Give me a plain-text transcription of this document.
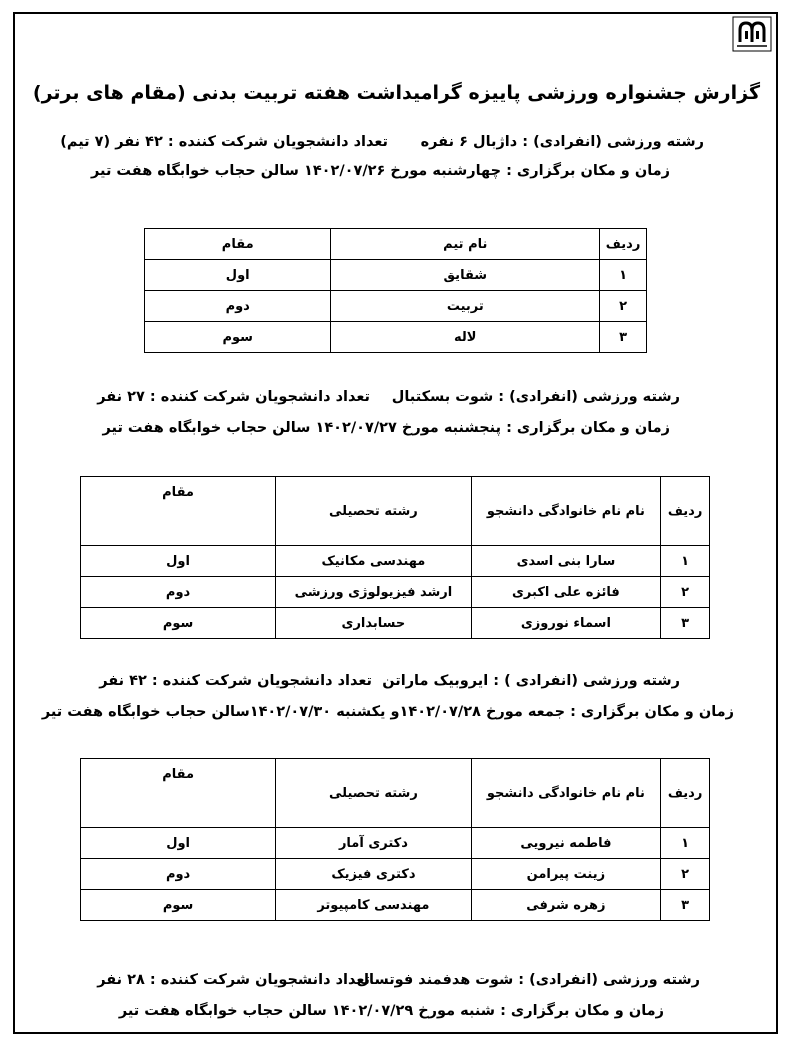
گزارش جشنواره ورزشی پاییزه گرامیداشت هفته تربیت بدنی (مقام های برتر)
رشته ورزشی (انفرادی) : داژبال ۶ نفره
تعداد دانشجویان شرکت کننده : ۴۲ نفر (۷ تیم)
زمان و مکان برگزاری : چهارشنبه مورخ ۱۴۰۲/۰۷/۲۶ سالن حجاب خوابگاه هفت تیر
ردیف	نام تیم	مقام
۱	شقایق	اول
۲	تربیت	دوم
۳	لاله	سوم
رشته ورزشی (انفرادی) : شوت بسکتبال
تعداد دانشجویان شرکت کننده : ۲۷ نفر
زمان و مکان برگزاری : پنجشنبه مورخ ۱۴۰۲/۰۷/۲۷ سالن حجاب خوابگاه هفت تیر
ردیف	نام نام خانوادگی دانشجو	رشته تحصیلی	مقام
۱	سارا بنی اسدی	مهندسی مکانیک	اول
۲	فائزه علی اکبری	ارشد فیزیولوژی ورزشی	دوم
۳	اسماء نوروزی	حسابداری	سوم
رشته ورزشی (انفرادی ) : ایروبیک ماراتن
تعداد دانشجویان شرکت کننده : ۴۲ نفر
زمان و مکان برگزاری : جمعه مورخ ۱۴۰۲/۰۷/۲۸و یکشنبه ۱۴۰۲/۰۷/۳۰سالن حجاب خوابگاه هفت تیر
ردیف	نام نام خانوادگی دانشجو	رشته تحصیلی	مقام
۱	فاطمه نیرویی	دکتری آمار	اول
۲	زینت پیرامن	دکتری فیزیک	دوم
۳	زهره شرفی	مهندسی کامپیوتر	سوم
رشته ورزشی (انفرادی) : شوت هدفمند فوتسال
تعداد دانشجویان شرکت کننده : ۲۸ نفر
زمان و مکان برگزاری : شنبه مورخ ۱۴۰۲/۰۷/۲۹ سالن حجاب خوابگاه هفت تیر
